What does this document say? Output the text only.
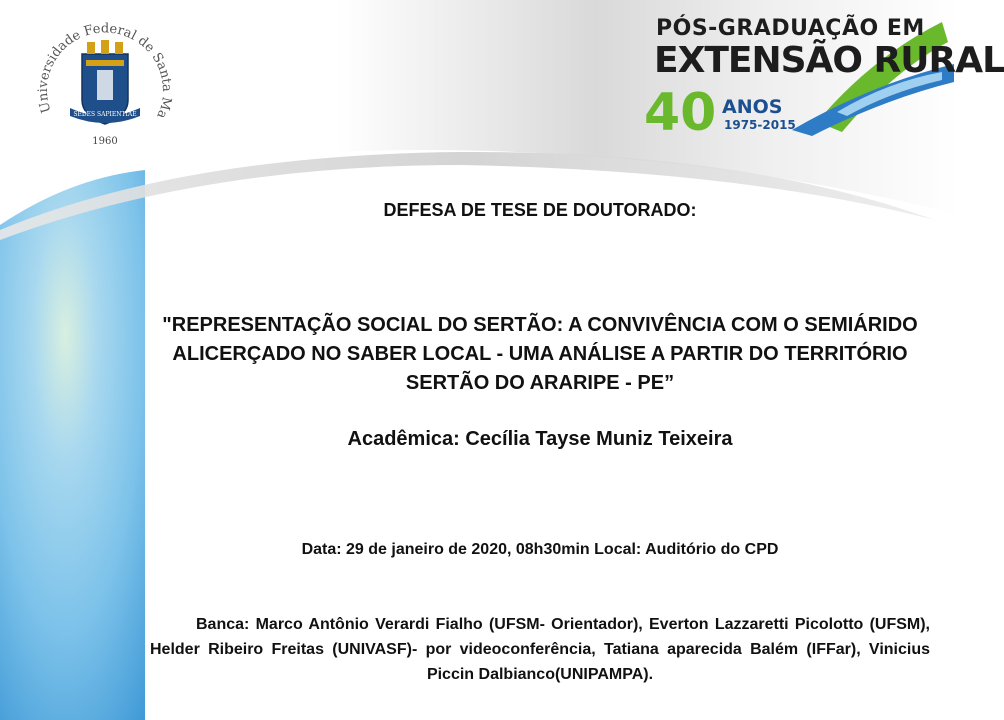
Universidade Federal de Santa Ma
SEDES SAPIENTIAE
1960	40
PÓS-GRADUAÇÃO EM
EXTENSÃO RURAL
ANOS
1975-2015
DEFESA DE TESE DE DOUTORADO:
"REPRESENTAÇÃO SOCIAL DO SERTÃO: A CONVIVÊNCIA COM O SEMIÁRIDO ALICERÇADO NO SABER LOCAL - UMA ANÁLISE A PARTIR DO TERRITÓRIO SERTÃO DO ARARIPE - PE”
Acadêmica: Cecília Tayse Muniz Teixeira
Data: 29 de janeiro de 2020, 08h30min Local: Auditório do CPD
Banca: Marco Antônio Verardi Fialho (UFSM- Orientador), Everton Lazzaretti Picolotto (UFSM), Helder Ribeiro Freitas (UNIVASF)- por videoconferência, Tatiana aparecida Balém (IFFar), Vinicius Piccin Dalbianco(UNIPAMPA).
